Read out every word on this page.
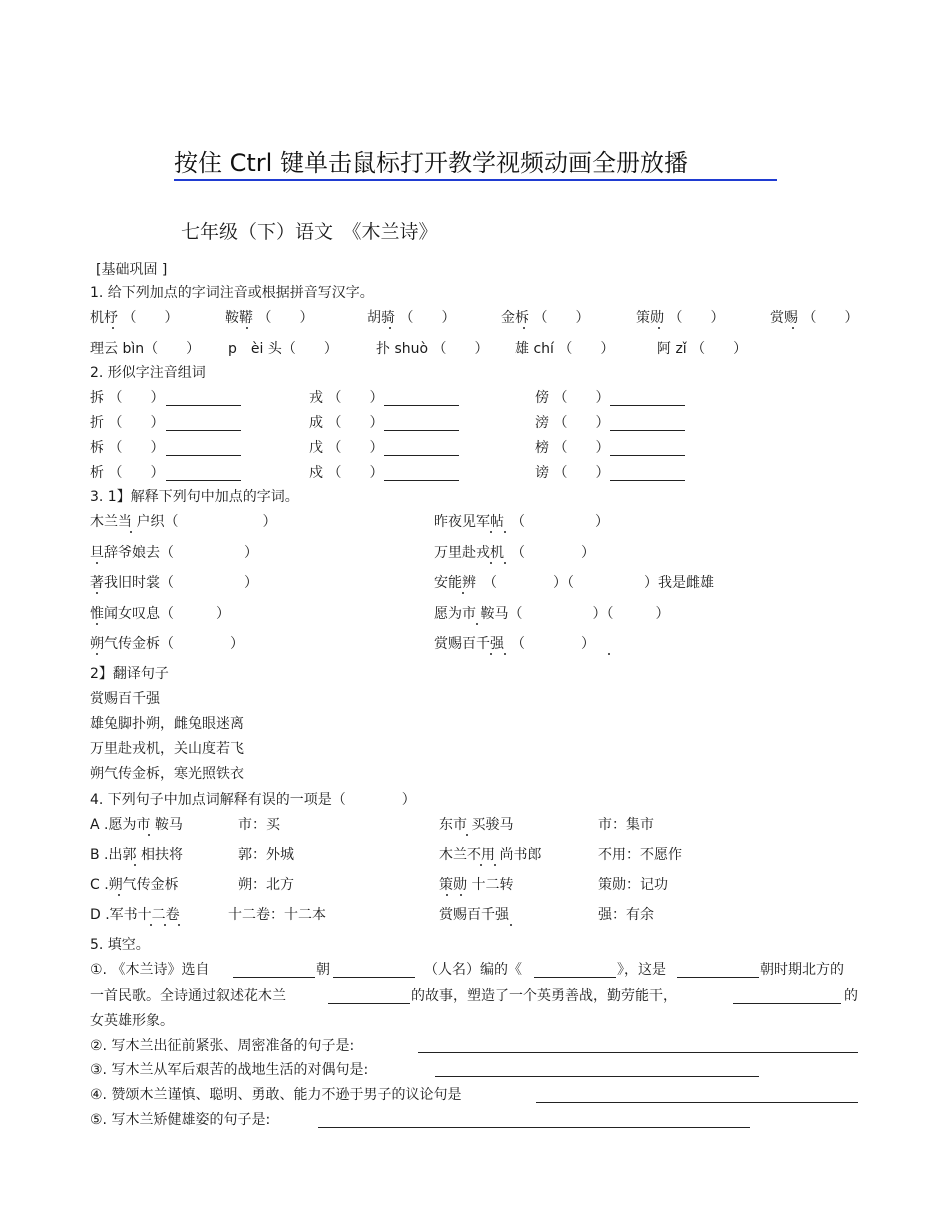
按住 Ctrl 键单击鼠标打开教学视频动画全册放播
七年级（下）语文　《木兰诗》
[基础巩固 ]
1. 给下列加点的字词注音或根据拼音写汉字。
机杼 （　　）	鞍鞯 （　　）	胡骑 （　　）	金柝 （　　）	策勋 （　　）	赏赐 （　　）
理云 bìn（　　） p　èi 头（　　）	扑 shuò （　　） 雄 chí （　　）	阿 zǐ （　　）
2. 形似字注音组词
拆 （　　）	戎 （　　）	傍 （　　）
折 （　　）	成 （　　）	滂 （　　）
柝 （　　）	戊 （　　）	榜 （　　）
析 （　　）	戍 （　　）	谤 （　　）
3. 1】解释下列句中加点的字词。
木兰当 户织（　　　　　　）	昨夜见军帖　（　　　　　）
旦辞爷娘去（　　　　　）	万里赴戎机　（　　　　）
著我旧时裳（　　　　　）	安能辨　（　　　　）（　　　　　）我是雌雄
惟闻女叹息（　　　）	愿为市 鞍马（　　　　　）（　　　）
朔气传金柝（　　　　）	赏赐百千强　（　　　　）
2】翻译句子
赏赐百千强
雄兔脚扑朔，雌兔眼迷离
万里赴戎机，关山度若飞
朔气传金柝，寒光照铁衣
4. 下列句子中加点词解释有误的一项是（　　　　）
A .愿为市 鞍马	市：买	东市 买骏马	市：集市
B .出郭 相扶将	郭：外城	木兰不用 尚书郎	不用：不愿作
C .朔气传金柝	朔：北方	策勋 十二转	策勋：记功
D .军书十二卷	十二卷：十二本	赏赐百千强	强：有余
5. 填空。
①. 《木兰诗》选自	朝	（人名）编的《	》，这是	朝时期北方的
一首民歌。全诗通过叙述花木兰	的故事，塑造了一个英勇善战，勤劳能干，	的
女英雄形象。
②. 写木兰出征前紧张、周密准备的句子是:
③. 写木兰从军后艰苦的战地生活的对偶句是:
④. 赞颂木兰谨慎、聪明、勇敢、能力不逊于男子的议论句是
⑤. 写木兰矫健雄姿的句子是:
